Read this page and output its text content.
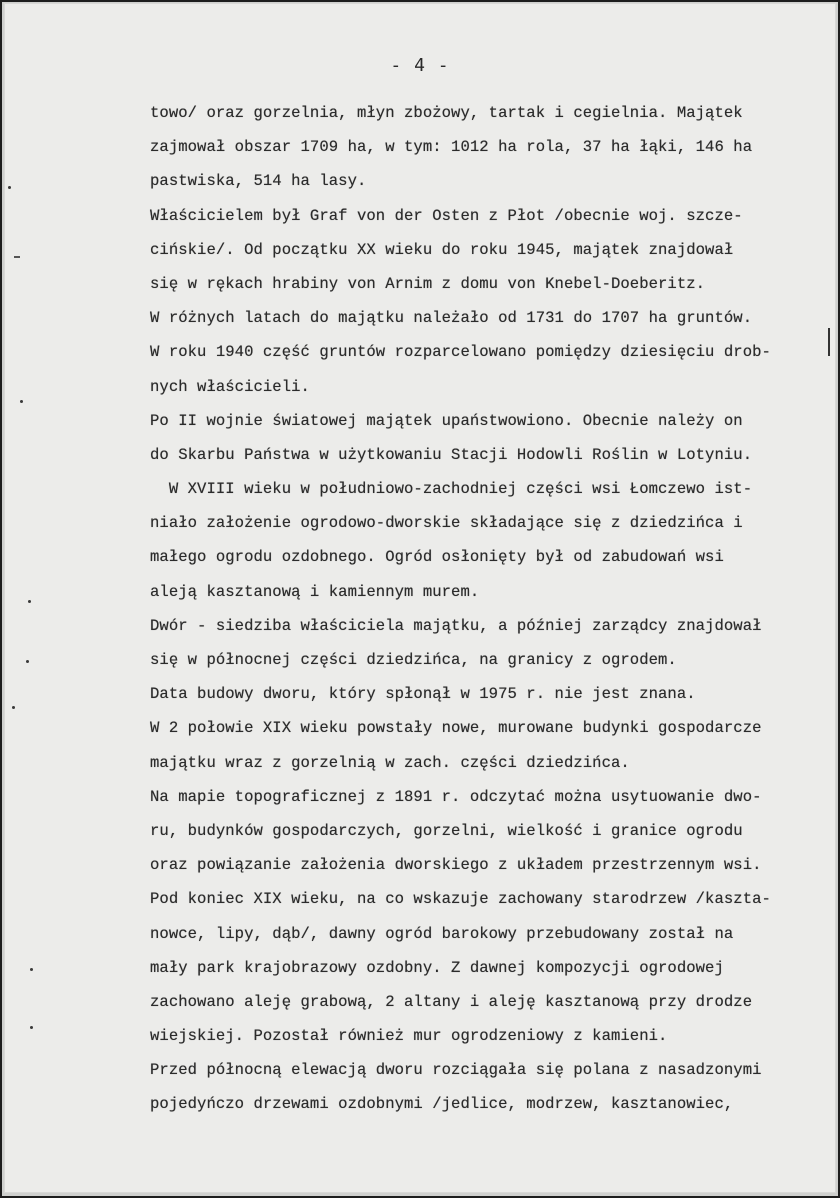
- 4 -
towo/ oraz gorzelnia, młyn zbożowy, tartak i cegielnia. Majątek
zajmował obszar 1709 ha, w tym: 1012 ha rola, 37 ha łąki, 146 ha
pastwiska, 514 ha lasy.
Właścicielem był Graf von der Osten z Płot /obecnie woj. szcze-
cińskie/. Od początku XX wieku do roku 1945, majątek znajdował
się w rękach hrabiny von Arnim z domu von Knebel-Doeberitz.
W różnych latach do majątku należało od 1731 do 1707 ha gruntów.
W roku 1940 część gruntów rozparcelowano pomiędzy dziesięciu drob-
nych właścicieli.
Po II wojnie światowej majątek upaństwowiono. Obecnie należy on
do Skarbu Państwa w użytkowaniu Stacji Hodowli Roślin w Lotyniu.
W XVIII wieku w południowo-zachodniej części wsi Łomczewo ist-
niało założenie ogrodowo-dworskie składające się z dziedzińca i
małego ogrodu ozdobnego. Ogród osłonięty był od zabudowań wsi
aleją kasztanową i kamiennym murem.
Dwór - siedziba właściciela majątku, a później zarządcy znajdował
się w północnej części dziedzińca, na granicy z ogrodem.
Data budowy dworu, który spłonął w 1975 r. nie jest znana.
W 2 połowie XIX wieku powstały nowe, murowane budynki gospodarcze
majątku wraz z gorzelnią w zach. części dziedzińca.
Na mapie topograficznej z 1891 r. odczytać można usytuowanie dwo-
ru, budynków gospodarczych, gorzelni, wielkość i granice ogrodu
oraz powiązanie założenia dworskiego z układem przestrzennym wsi.
Pod koniec XIX wieku, na co wskazuje zachowany starodrzew /kaszta-
nowce, lipy, dąb/, dawny ogród barokowy przebudowany został na
mały park krajobrazowy ozdobny. Z dawnej kompozycji ogrodowej
zachowano aleję grabową, 2 altany i aleję kasztanową przy drodze
wiejskiej. Pozostał również mur ogrodzeniowy z kamieni.
Przed północną elewacją dworu rozciągała się polana z nasadzonymi
pojedyńczo drzewami ozdobnymi /jedlice, modrzew, kasztanowiec,
